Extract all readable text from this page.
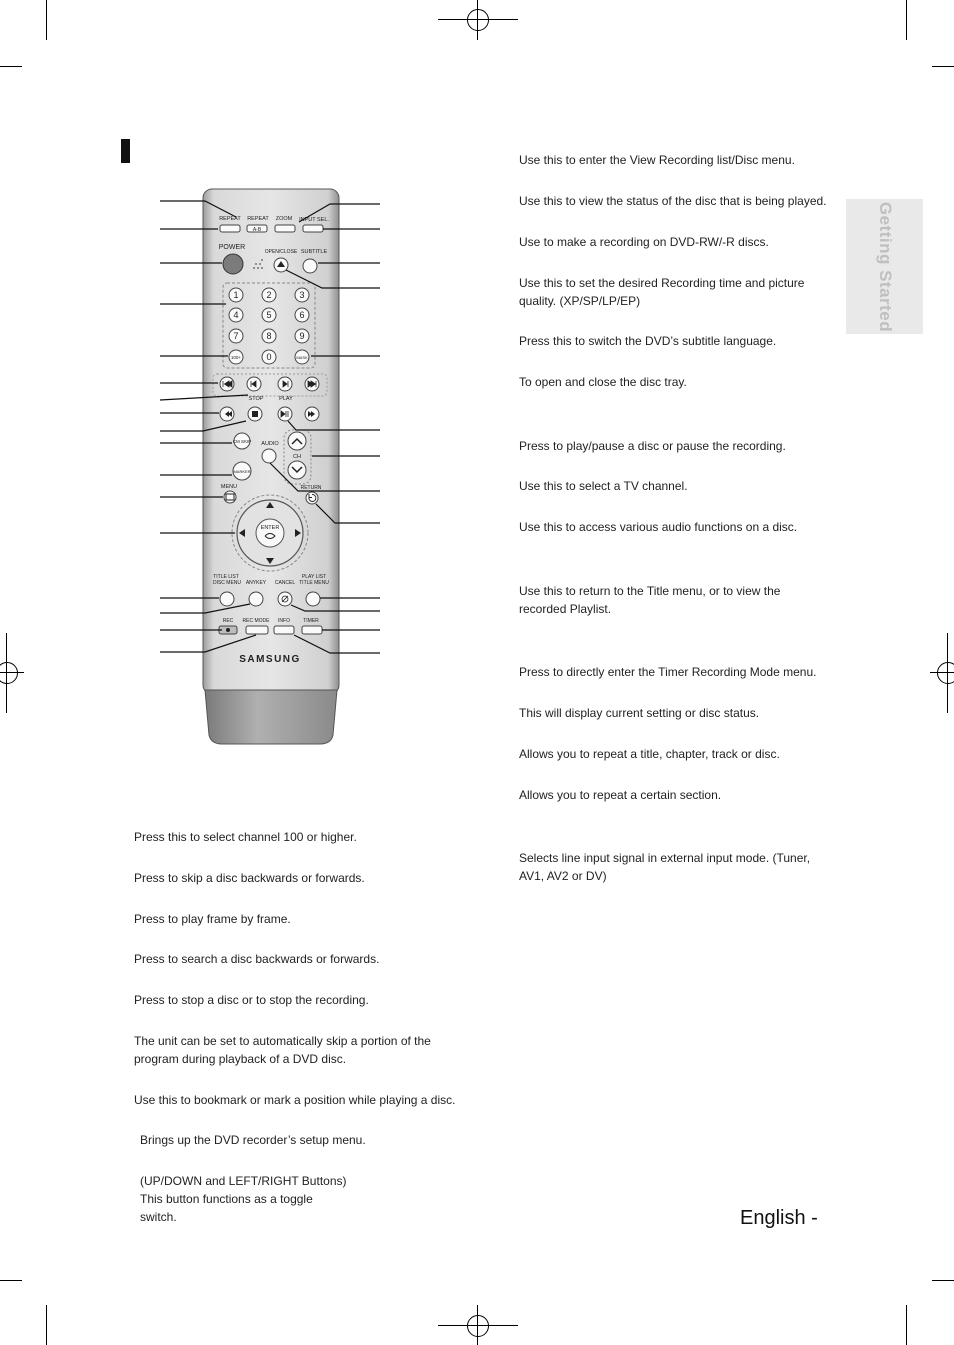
Getting Started
REPEAT REPEAT ZOOM INPUT SEL.
A-B
POWER
OPEN/CLOSE SUBTITLE
1	2	3
4	5	6
7	8	9
0
100+	MASK
STOP	PLAY
CM SKIP AUDIO
CH
MARKER
MENU	RETURN
ENTER
TITLE LIST
DISC MENU ANYKEY CANCEL
PLAY LIST
TITLE MENU
REC REC MODE INFO	TIMER
SAMSUNG

Use this to enter the View Recording list/Disc menu.

Use this to view the status of the disc that is being played.

Use to make a recording on DVD-RW/-R discs.

Use this to set the desired Recording time and picture quality. (XP/SP/LP/EP)

Press this to switch the DVD’s subtitle language.

To open and close the disc tray.

Press to play/pause a disc or pause the recording.

Use this to select a TV channel.

Use this to access various audio functions on a disc.

Use this to return to the Title menu, or to view the recorded Playlist.

Press to directly enter the Timer Recording Mode menu.

This will display current setting or disc status.

Allows you to repeat a title, chapter, track or disc.

Allows you to repeat a certain section.

Selects line input signal in external input mode. (Tuner, AV1, AV2 or DV)

Press this to select channel 100 or higher.

Press to skip a disc backwards or forwards.

Press to play frame by frame.

Press to search a disc backwards or forwards.

Press to stop a disc or to stop the recording.

The unit can be set to automatically skip a portion of the program during playback of a DVD disc.

Use this to bookmark or mark a position while playing a disc.

Brings up the DVD recorder’s setup menu.

(UP/DOWN and LEFT/RIGHT Buttons) This button functions as a toggle switch.	English -
